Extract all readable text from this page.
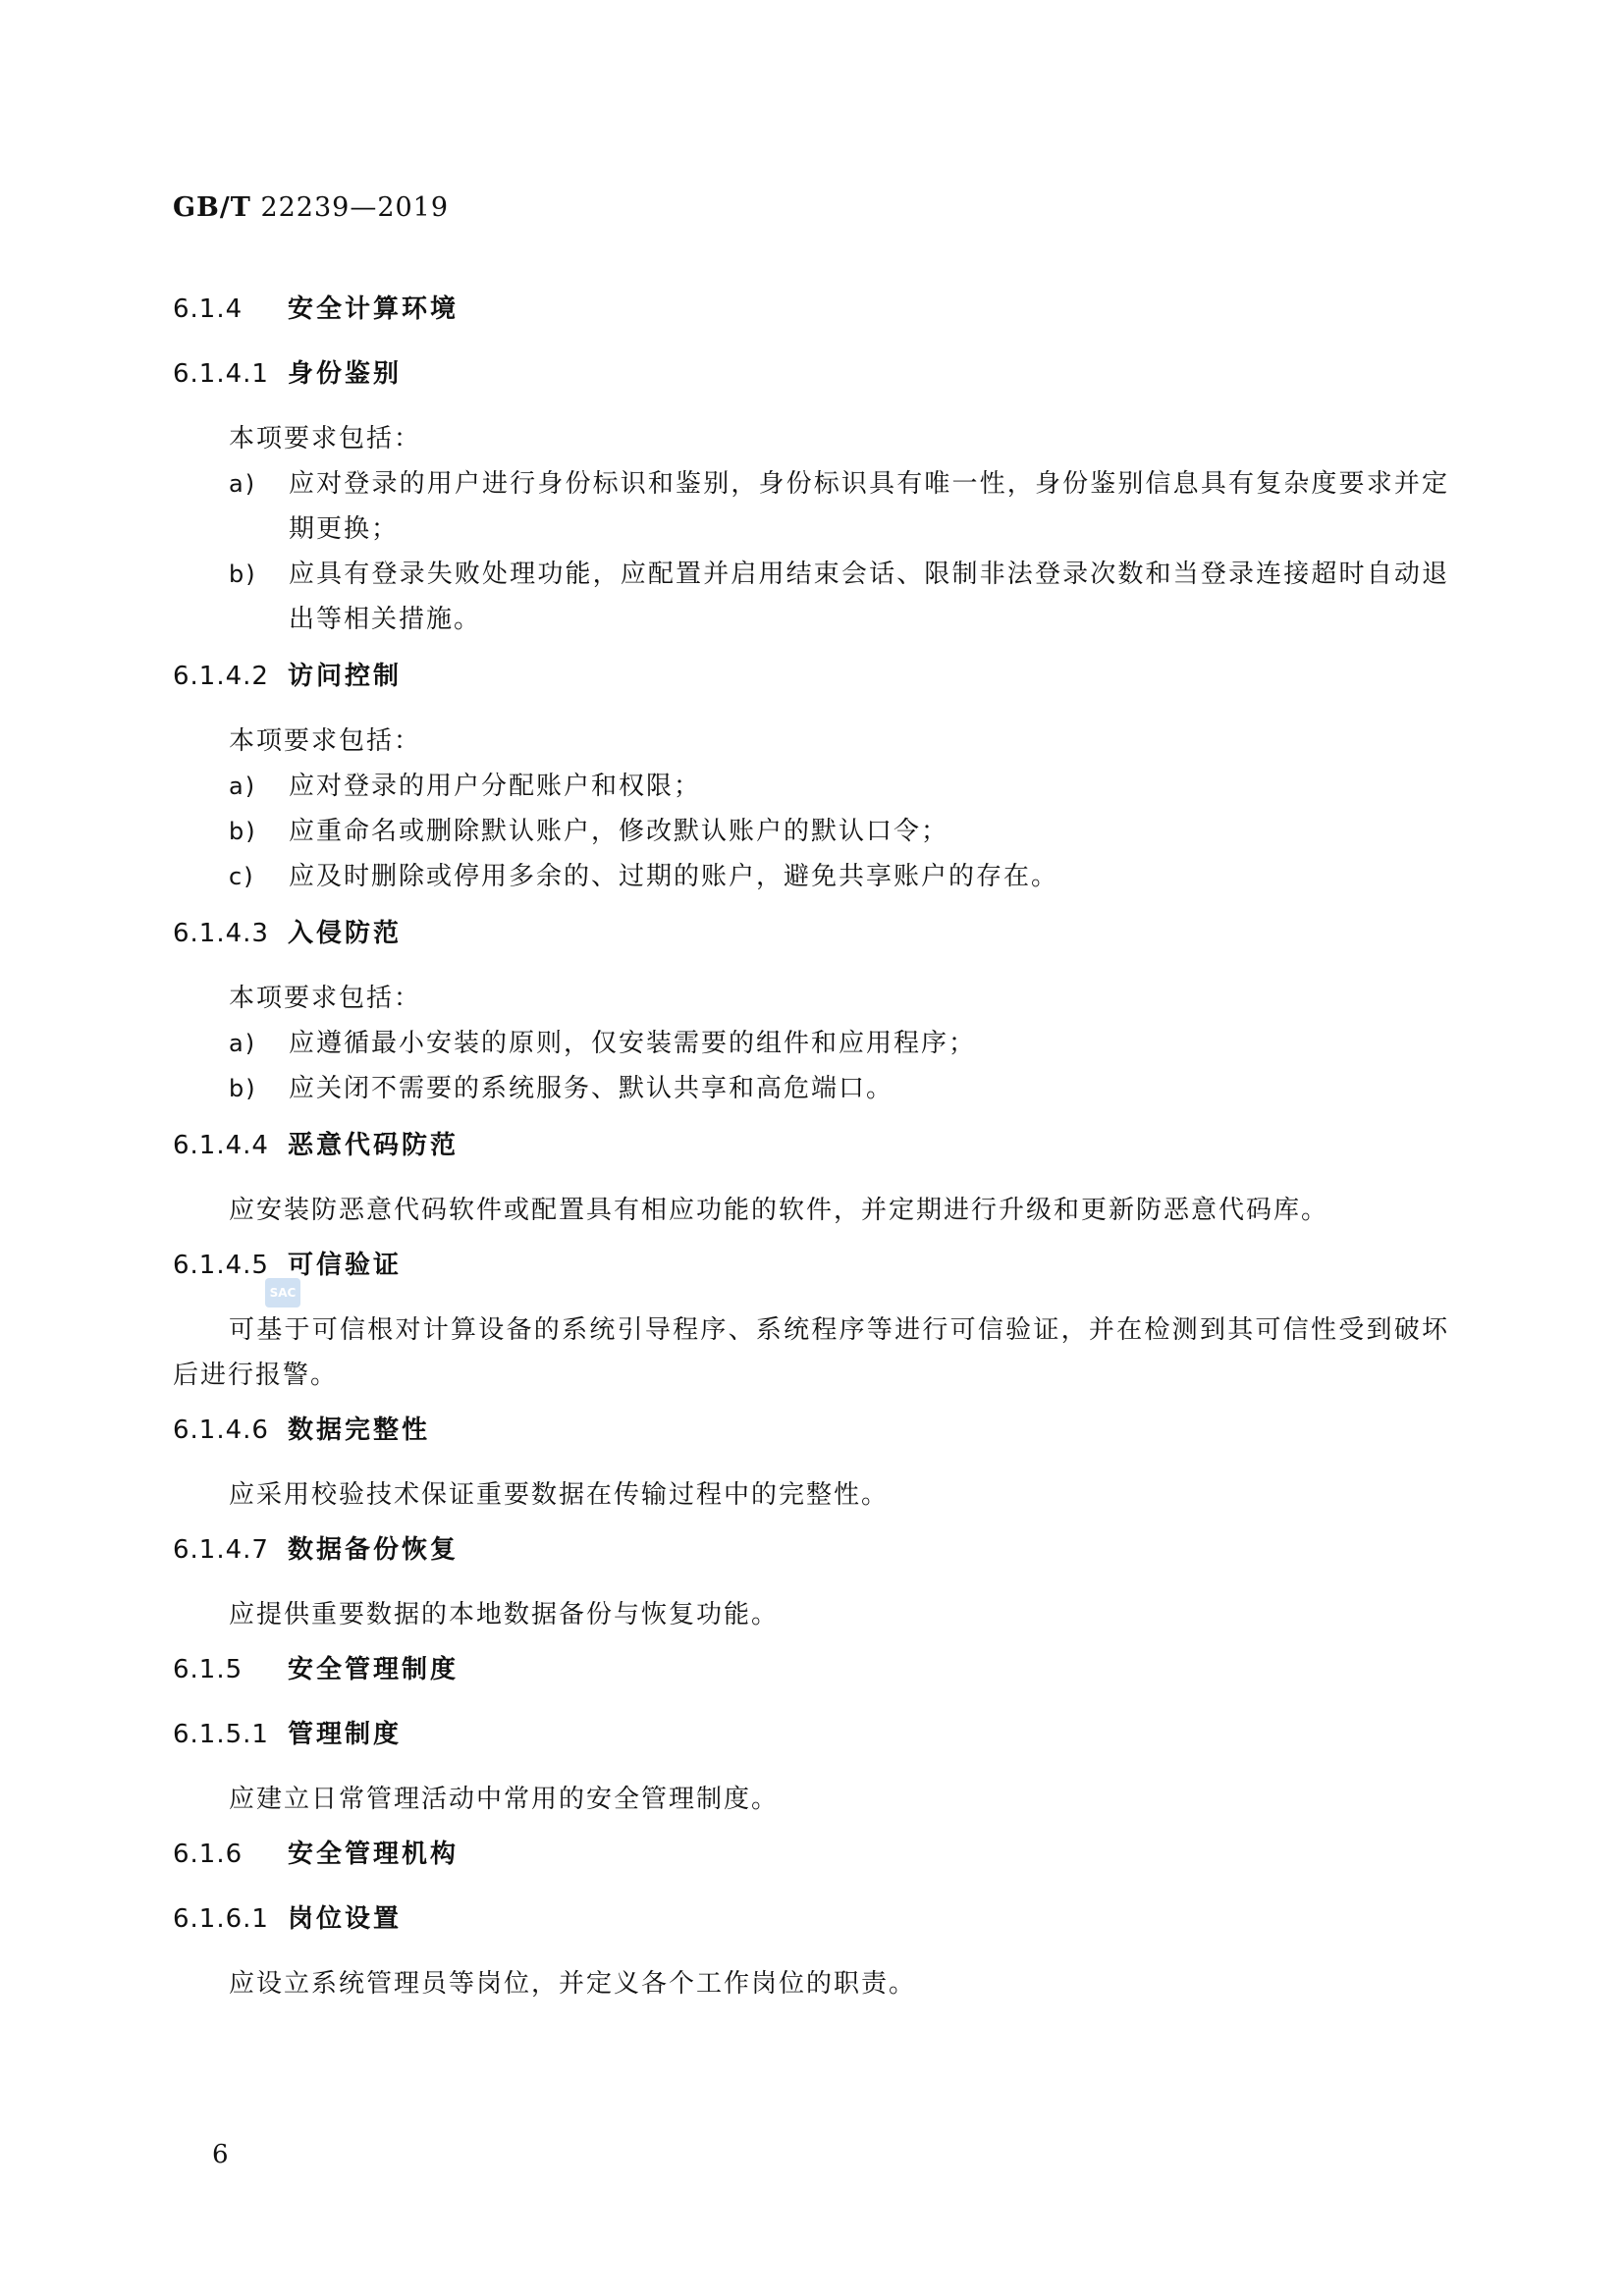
GB/T 22239—2019
6.1.4	安全计算环境
6.1.4.1 身份鉴别

本项要求包括：

a)	应对登录的用户进行身份标识和鉴别，身份标识具有唯一性，身份鉴别信息具有复杂度要求并定期更换；
b)	应具有登录失败处理功能，应配置并启用结束会话、限制非法登录次数和当登录连接超时自动退出等相关措施。
6.1.4.2 访问控制

本项要求包括：

a)	应对登录的用户分配账户和权限；
b)	应重命名或删除默认账户，修改默认账户的默认口令；
c)	应及时删除或停用多余的、过期的账户，避免共享账户的存在。
6.1.4.3 入侵防范

本项要求包括：

a)	应遵循最小安装的原则，仅安装需要的组件和应用程序；
b)	应关闭不需要的系统服务、默认共享和高危端口。
6.1.4.4 恶意代码防范

应安装防恶意代码软件或配置具有相应功能的软件，并定期进行升级和更新防恶意代码库。

6.1.4.5 可信验证

可基于可信根对计算设备的系统引导程序、系统程序等进行可信验证，并在检测到其可信性受到破坏后进行报警。

6.1.4.6 数据完整性

应采用校验技术保证重要数据在传输过程中的完整性。

6.1.4.7 数据备份恢复

应提供重要数据的本地数据备份与恢复功能。

6.1.5	安全管理制度
6.1.5.1 管理制度

应建立日常管理活动中常用的安全管理制度。

6.1.6	安全管理机构
6.1.6.1 岗位设置

应设立系统管理员等岗位，并定义各个工作岗位的职责。

SAC
6
